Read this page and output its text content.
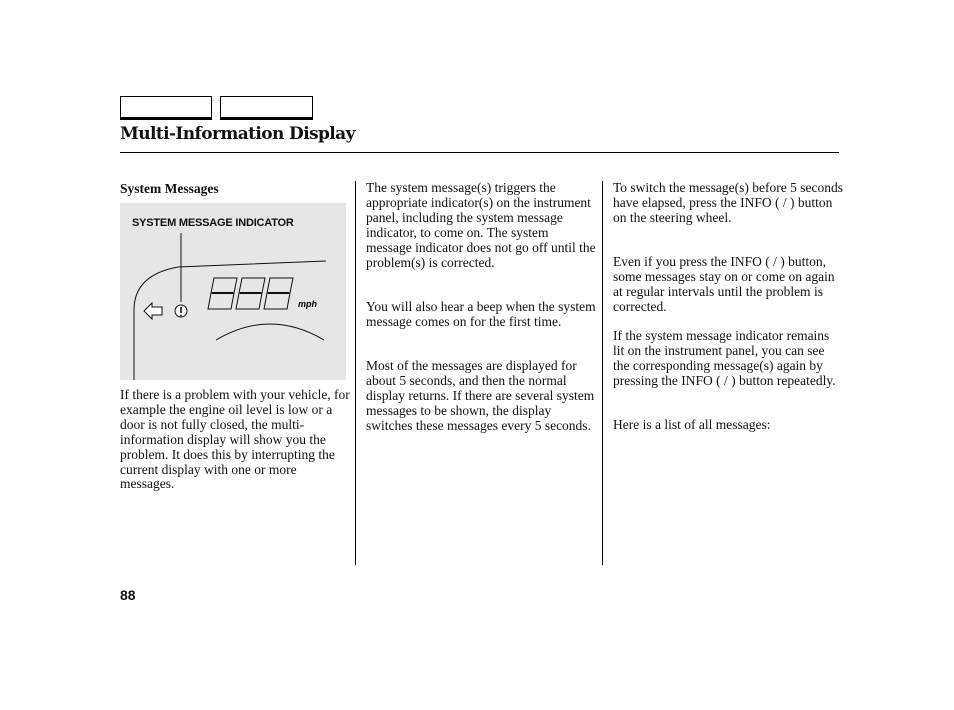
Multi-Information Display
System Messages
mph
SYSTEM MESSAGE INDICATOR

If there is a problem with your vehicle, for example the engine oil level is low or a door is not fully closed, the multi-information display will show you the problem. It does this by interrupting the current display with one or more messages.

The system message(s) triggers the appropriate indicator(s) on the instrument panel, including the system message indicator, to come on. The system message indicator does not go off until the problem(s) is corrected.

You will also hear a beep when the system message comes on for the first time.

Most of the messages are displayed for about 5 seconds, and then the normal display returns. If there are several system messages to be shown, the display switches these messages every 5 seconds.

To switch the message(s) before 5 seconds have elapsed, press the INFO ( / ) button on the steering wheel.

Even if you press the INFO ( / ) button, some messages stay on or come on again at regular intervals until the problem is corrected.

If the system message indicator remains lit on the instrument panel, you can see the corresponding message(s) again by pressing the INFO ( / ) button repeatedly.

Here is a list of all messages:

88
